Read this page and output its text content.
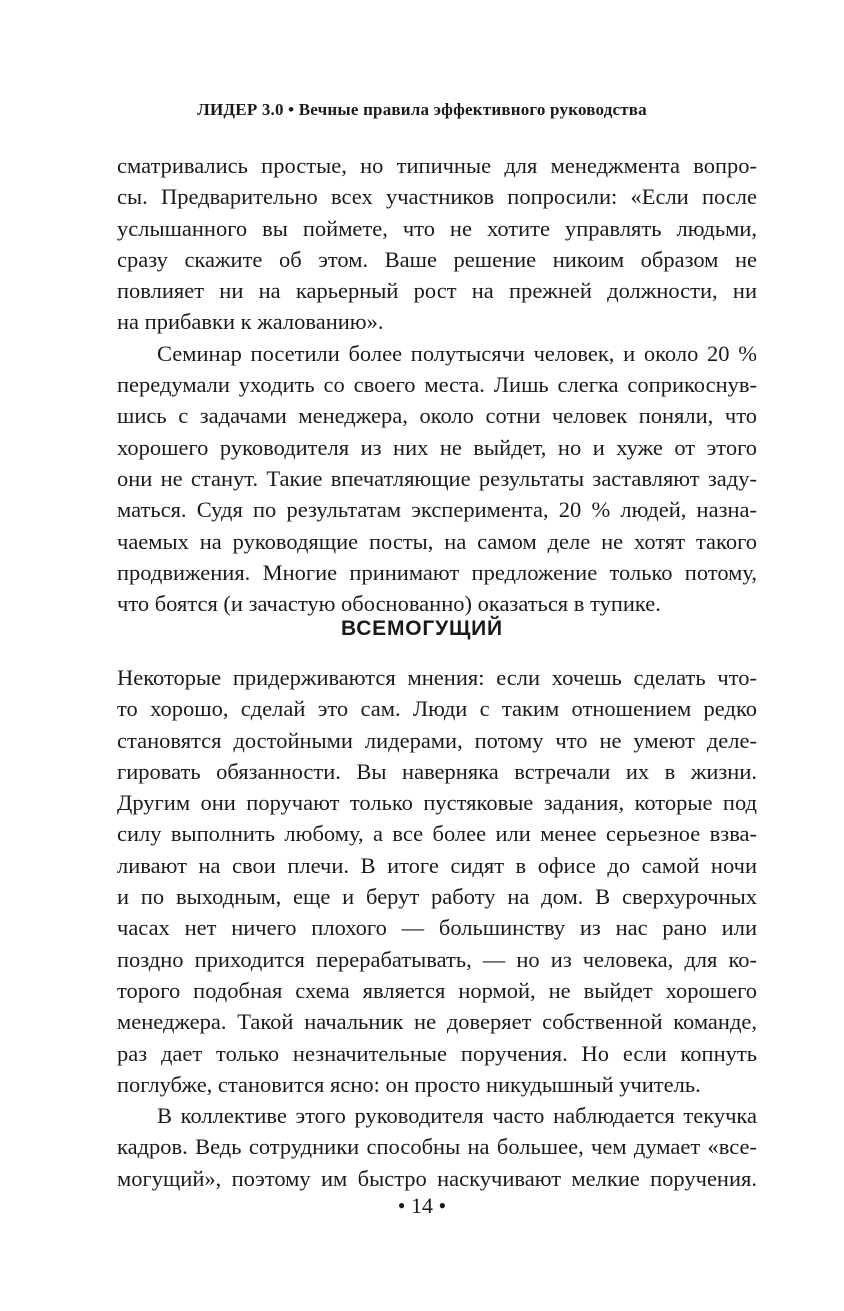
ЛИДЕР 3.0 • Вечные правила эффективного руководства
сматривались простые, но типичные для менеджмента вопро-
сы. Предварительно всех участников попросили: «Если после
услышанного вы поймете, что не хотите управлять людьми,
сразу скажите об этом. Ваше решение никоим образом не
повлияет ни на карьерный рост на прежней должности, ни
на прибавки к жалованию».
Семинар посетили более полутысячи человек, и около 20 %
передумали уходить со своего места. Лишь слегка соприкоснув-
шись с задачами менеджера, около сотни человек поняли, что
хорошего руководителя из них не выйдет, но и хуже от этого
они не станут. Такие впечатляющие результаты заставляют заду-
маться. Судя по результатам эксперимента, 20 % людей, назна-
чаемых на руководящие посты, на самом деле не хотят такого
продвижения. Многие принимают предложение только потому,
что боятся (и зачастую обоснованно) оказаться в тупике.
ВСЕМОГУЩИЙ
Некоторые придерживаются мнения: если хочешь сделать что-
то хорошо, сделай это сам. Люди с таким отношением редко
становятся достойными лидерами, потому что не умеют деле-
гировать обязанности. Вы наверняка встречали их в жизни.
Другим они поручают только пустяковые задания, которые под
силу выполнить любому, а все более или менее серьезное взва-
ливают на свои плечи. В итоге сидят в офисе до самой ночи
и по выходным, еще и берут работу на дом. В сверхурочных
часах нет ничего плохого — большинству из нас рано или
поздно приходится перерабатывать, — но из человека, для ко-
торого подобная схема является нормой, не выйдет хорошего
менеджера. Такой начальник не доверяет собственной команде,
раз дает только незначительные поручения. Но если копнуть
поглубже, становится ясно: он просто никудышный учитель.
В коллективе этого руководителя часто наблюдается текучка
кадров. Ведь сотрудники способны на большее, чем думает «все-
могущий», поэтому им быстро наскучивают мелкие поручения.
• 14 •
